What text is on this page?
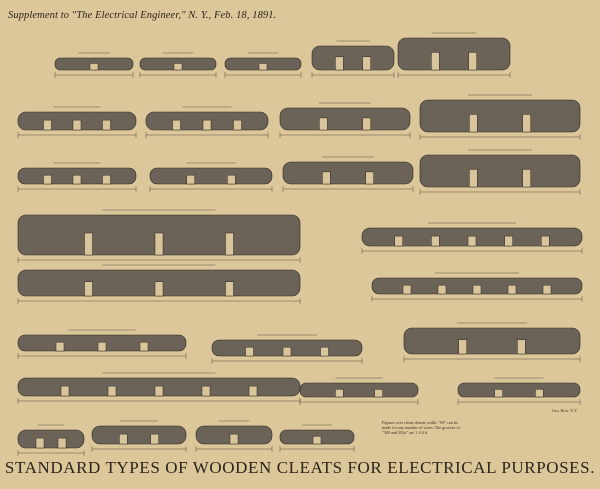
Supplement to "The Electrical Engineer," N. Y., Feb. 18, 1891.
Figures over cleats denote width. "00" can be made for any number of wires. The grooves of "300 and 302a" are 1 1/4 ft.
Geo. Bros. N.Y.
STANDARD TYPES OF WOODEN CLEATS FOR ELECTRICAL PURPOSES.
